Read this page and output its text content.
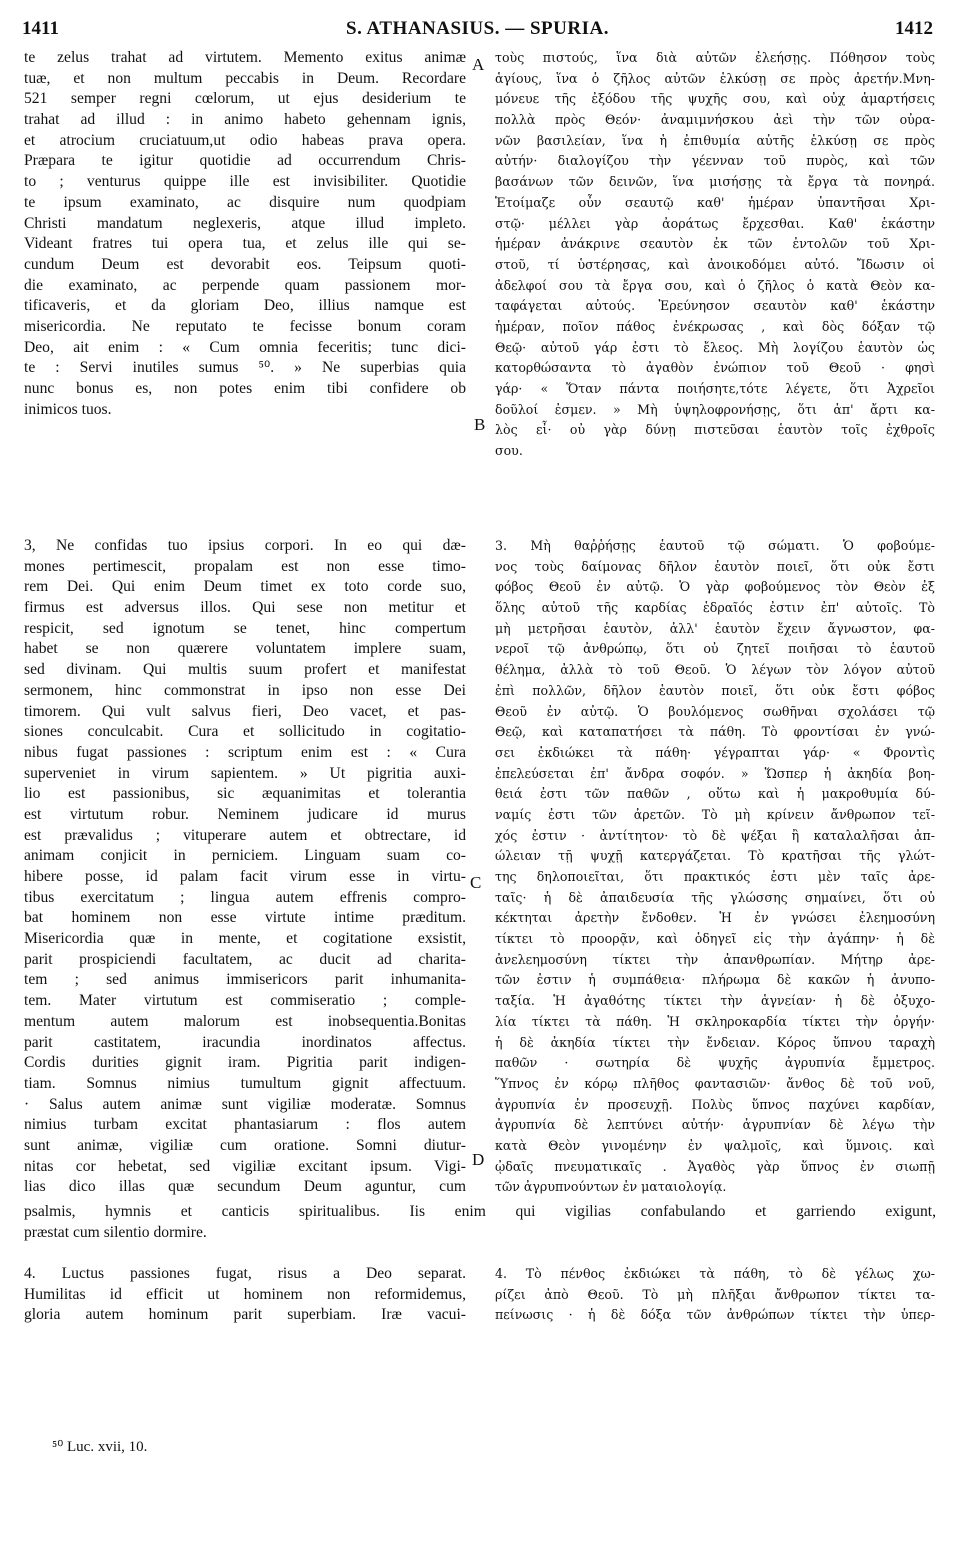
1411	S. ATHANASIUS. — SPURIA.	1412
te zelus trahat ad virtutem. Memento exitus animæ
tuæ, et non multum peccabis in Deum. Recordare
521 semper regni cœlorum, ut ejus desiderium te
trahat ad illud : in animo habeto gehennam ignis,
et atrocium cruciatuum,ut odio habeas prava opera.
Præpara te igitur quotidie ad occurrendum Chris-
to ; venturus quippe ille est invisibiliter. Quotidie
te ipsum examinato, ac disquire num quodpiam
Christi mandatum neglexeris, atque illud impleto.
Videant fratres tui opera tua, et zelus ille qui se-
cundum Deum est devorabit eos. Teipsum quoti-
die examinato, ac perpende quam passionem mor-
tificaveris, et da gloriam Deo, illius namque est
misericordia. Ne reputato te fecisse bonum coram
Deo, ait enim : « Cum omnia feceritis; tunc dici-
te : Servi inutiles sumus ⁵⁰. » Ne superbias quia
nunc bonus es, non potes enim tibi confidere ob
inimicos tuos.
3, Ne confidas tuo ipsius corpori. In eo qui dæ-
mones pertimescit, propalam est non esse timo-
rem Dei. Qui enim Deum timet ex toto corde suo,
firmus est adversus illos. Qui sese non metitur et
respicit, sed ignotum se tenet, hinc compertum
habet se non quærere voluntatem implere suam,
sed divinam. Qui multis suum profert et manifestat
sermonem, hinc commonstrat in ipso non esse Dei
timorem. Qui vult salvus fieri, Deo vacet, et pas-
siones conculcabit. Cura et sollicitudo in cogitatio-
nibus fugat passiones : scriptum enim est : « Cura
superveniet in virum sapientem. » Ut pigritia auxi-
lio est passionibus, sic æquanimitas et tolerantia
est virtutum robur. Neminem judicare id murus
est prævalidus ; vituperare autem et obtrectare, id
animam conjicit in perniciem. Linguam suam co-
hibere posse, id palam facit virum esse in virtu-
tibus exercitatum ; lingua autem effrenis compro-
bat hominem non esse virtute intime præditum.
Misericordia quæ in mente, et cogitatione exsistit,
parit prospiciendi facultatem, ac ducit ad charita-
tem ; sed animus immisericors parit inhumanita-
tem. Mater virtutum est commiseratio ; comple-
mentum autem malorum est inobsequentia.Bonitas
parit castitatem, iracundia inordinatos affectus.
Cordis durities gignit iram. Pigritia parit indigen-
tiam. Somnus nimius tumultum gignit affectuum.
· Salus autem animæ sunt vigiliæ moderatæ. Somnus
nimius turbam excitat phantasiarum : flos autem
sunt animæ, vigiliæ cum oratione. Somni diutur-
nitas cor hebetat, sed vigiliæ excitant ipsum. Vigi-
lias dico illas quæ secundum Deum aguntur, cum
psalmis, hymnis et canticis spiritualibus. Iis enim qui vigilias confabulando et garriendo exigunt,
præstat cum silentio dormire.
4. Luctus passiones fugat, risus a Deo separat.
Humilitas id efficit ut hominem non reformidemus,
gloria autem hominum parit superbiam. Iræ vacui-
τοὺς πιστούς, ἵνα διὰ αὐτῶν ἐλεήσῃς. Πόθησον τοὺς
ἁγίους, ἵνα ὁ ζῆλος αὐτῶν ἑλκύσῃ σε πρὸς ἀρετήν.Μνη-
μόνευε τῆς ἐξόδου τῆς ψυχῆς σου, καὶ οὐχ ἁμαρτήσεις
πολλὰ πρὸς Θεόν· ἀναμιμνήσκου ἀεὶ τὴν τῶν οὐρα-
νῶν βασιλείαν, ἵνα ἡ ἐπιθυμία αὐτῆς ἑλκύσῃ σε πρὸς
αὐτήν· διαλογίζου τὴν γέενναν τοῦ πυρὸς, καὶ τῶν
βασάνων τῶν δεινῶν, ἵνα μισήσῃς τὰ ἔργα τὰ πονηρά.
Ἑτοίμαζε οὖν σεαυτῷ καθ' ἡμέραν ὑπαντῆσαι Χρι-
στῷ· μέλλει γὰρ ἀοράτως ἔρχεσθαι. Καθ' ἑκάστην
ἡμέραν ἀνάκρινε σεαυτὸν ἐκ τῶν ἐντολῶν τοῦ Χρι-
στοῦ, τί ὑστέρησας, καὶ ἀνοικοδόμει αὐτό. Ἴδωσιν οἱ
ἀδελφοί σου τὰ ἔργα σου, καὶ ὁ ζῆλος ὁ κατὰ Θεὸν κα-
ταφάγεται αὐτούς. Ἐρεύνησον σεαυτὸν καθ' ἑκάστην
ἡμέραν, ποῖον πάθος ἐνέκρωσας , καὶ δὸς δόξαν τῷ
Θεῷ· αὐτοῦ γάρ ἐστι τὸ ἔλεος. Μὴ λογίζου ἑαυτὸν ὡς
κατορθώσαντα τὸ ἀγαθὸν ἐνώπιον τοῦ Θεοῦ · φησὶ
γάρ· « Ὅταν πάντα ποιήσητε,τότε λέγετε, ὅτι Ἀχρεῖοι
δοῦλοί ἐσμεν. » Μὴ ὑψηλοφρονήσῃς, ὅτι ἀπ' ἄρτι κα-
λὸς εἶ· οὐ γὰρ δύνῃ πιστεῦσαι ἑαυτὸν τοῖς ἐχθροῖς
σου.
3. Μὴ θαῤῥήσῃς ἑαυτοῦ τῷ σώματι. Ὁ φοβούμε-
νος τοὺς δαίμονας δῆλον ἑαυτὸν ποιεῖ, ὅτι οὐκ ἔστι
φόβος Θεοῦ ἐν αὐτῷ. Ὁ γὰρ φοβούμενος τὸν Θεὸν ἐξ
ὅλης αὐτοῦ τῆς καρδίας ἑδραῖός ἐστιν ἐπ' αὐτοῖς. Τὸ
μὴ μετρῆσαι ἑαυτὸν, ἀλλ' ἑαυτὸν ἔχειν ἄγνωστον, φα-
νεροῖ τῷ ἀνθρώπῳ, ὅτι οὐ ζητεῖ ποιῆσαι τὸ ἑαυτοῦ
θέλημα, ἀλλὰ τὸ τοῦ Θεοῦ. Ὁ λέγων τὸν λόγον αὐτοῦ
ἐπὶ πολλῶν, δῆλον ἑαυτὸν ποιεῖ, ὅτι οὐκ ἔστι φόβος
Θεοῦ ἐν αὐτῷ. Ὁ βουλόμενος σωθῆναι σχολάσει τῷ
Θεῷ, καὶ καταπατήσει τὰ πάθη. Τὸ φροντίσαι ἐν γνώ-
σει ἐκδιώκει τὰ πάθη· γέγραπται γάρ· « Φροντὶς
ἐπελεύσεται ἐπ' ἄνδρα σοφόν. » Ὥσπερ ἡ ἀκηδία βοη-
θειά ἐστι τῶν παθῶν , οὕτω καὶ ἡ μακροθυμία δύ-
ναμίς ἐστι τῶν ἀρετῶν. Τὸ μὴ κρίνειν ἄνθρωπον τεῖ-
χός ἐστιν · ἀντίτητον· τὸ δὲ ψέξαι ἢ καταλαλῆσαι ἀπ-
ώλειαν τῇ ψυχῇ κατεργάζεται. Τὸ κρατῆσαι τῆς γλώτ-
της δηλοποιεῖται, ὅτι πρακτικός ἐστι μὲν ταῖς ἀρε-
ταῖς· ἡ δὲ ἀπαιδευσία τῆς γλώσσης σημαίνει, ὅτι οὐ
κέκτηται ἀρετὴν ἔνδοθεν. Ἡ ἐν γνώσει ἐλεημοσύνη
τίκτει τὸ προορᾷν, καὶ ὁδηγεῖ εἰς τὴν ἀγάπην· ἡ δὲ
ἀνελεημοσύνη τίκτει τὴν ἀπανθρωπίαν. Μήτηρ ἀρε-
τῶν ἐστιν ἡ συμπάθεια· πλήρωμα δὲ κακῶν ἡ ἀνυπο-
ταξία. Ἡ ἀγαθότης τίκτει τὴν ἁγνείαν· ἡ δὲ ὀξυχο-
λία τίκτει τὰ πάθη. Ἡ σκληροκαρδία τίκτει τὴν ὀργήν·
ἡ δὲ ἀκηδία τίκτει τὴν ἔνδειαν. Κόρος ὕπνου ταραχὴ
παθῶν · σωτηρία δὲ ψυχῆς ἀγρυπνία ἔμμετρος.
Ὕπνος ἐν κόρῳ πλῆθος φαντασιῶν· ἄνθος δὲ τοῦ νοῦ,
ἀγρυπνία ἐν προσευχῇ. Πολὺς ὕπνος παχύνει καρδίαν,
ἀγρυπνία δὲ λεπτύνει αὐτήν· ἀγρυπνίαν δὲ λέγω τὴν
κατὰ Θεὸν γινομένην ἐν ψαλμοῖς, καὶ ὕμνοις. καὶ
ᾠδαῖς πνευματικαῖς . Ἀγαθὸς γὰρ ὕπνος ἐν σιωπῇ
τῶν ἀγρυπνούντων ἐν ματαιολογίᾳ.
4. Τὸ πένθος ἐκδιώκει τὰ πάθη, τὸ δὲ γέλως χω-
ρίζει ἀπὸ Θεοῦ. Τὸ μὴ πλῆξαι ἄνθρωπον τίκτει τα-
πείνωσις · ἡ δὲ δόξα τῶν ἀνθρώπων τίκτει τὴν ὑπερ-
A
B
C
D
⁵⁰ Luc. xvii, 10.
